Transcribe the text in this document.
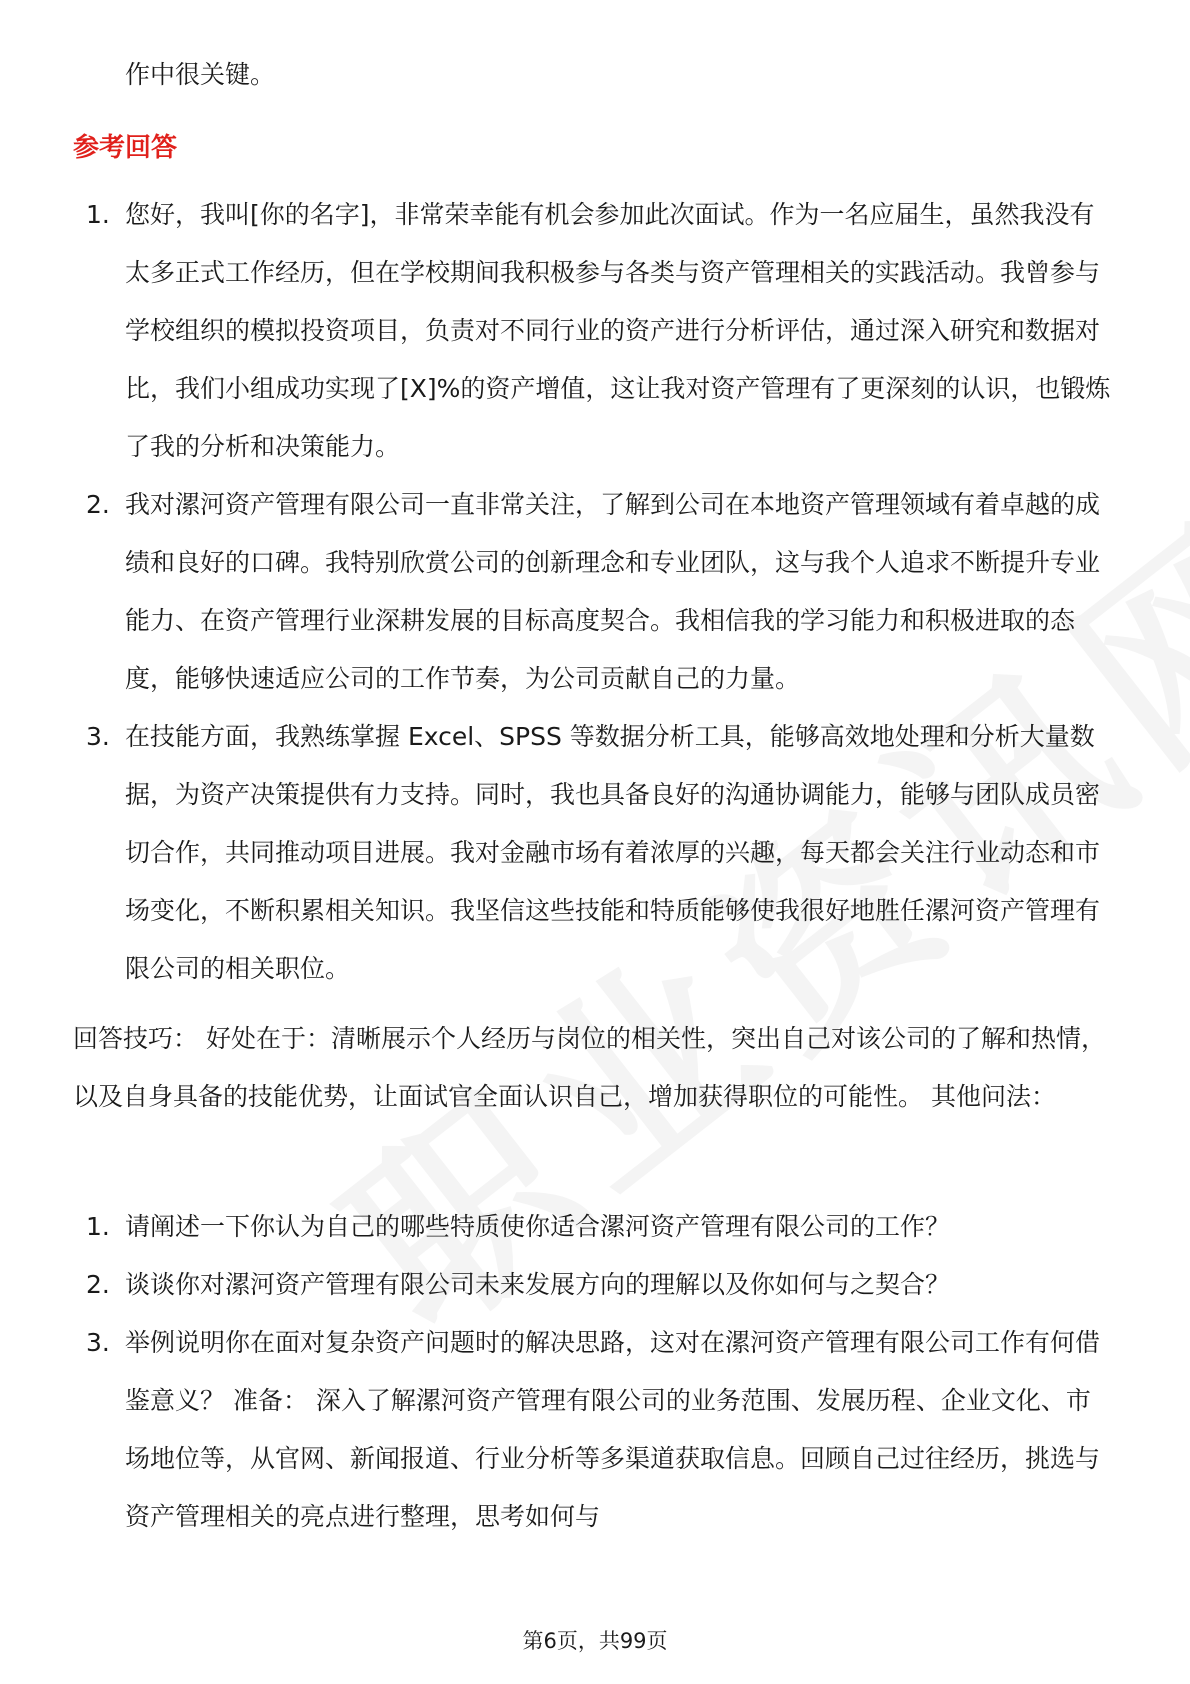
作中很关键。

参考回答
1. 您好，我叫[你的名字]，非常荣幸能有机会参加此次面试。作为一名应届生，虽然我没有太多正式工作经历，但在学校期间我积极参与各类与资产管理相关的实践活动。我曾参与学校组织的模拟投资项目，负责对不同行业的资产进行分析评估，通过深入研究和数据对比，我们小组成功实现了[X]%的资产增值，这让我对资产管理有了更深刻的认识，也锻炼了我的分析和决策能力。
2. 我对漯河资产管理有限公司一直非常关注，了解到公司在本地资产管理领域有着卓越的成绩和良好的口碑。我特别欣赏公司的创新理念和专业团队，这与我个人追求不断提升专业能力、在资产管理行业深耕发展的目标高度契合。我相信我的学习能力和积极进取的态度，能够快速适应公司的工作节奏，为公司贡献自己的力量。
3. 在技能方面，我熟练掌握 Excel、SPSS 等数据分析工具，能够高效地处理和分析大量数据，为资产决策提供有力支持。同时，我也具备良好的沟通协调能力，能够与团队成员密切合作，共同推动项目进展。我对金融市场有着浓厚的兴趣，每天都会关注行业动态和市场变化，不断积累相关知识。我坚信这些技能和特质能够使我很好地胜任漯河资产管理有限公司的相关职位。

回答技巧： 好处在于：清晰展示个人经历与岗位的相关性，突出自己对该公司的了解和热情，以及自身具备的技能优势，让面试官全面认识自己，增加获得职位的可能性。 其他问法：

1. 请阐述一下你认为自己的哪些特质使你适合漯河资产管理有限公司的工作？
2. 谈谈你对漯河资产管理有限公司未来发展方向的理解以及你如何与之契合？
3. 举例说明你在面对复杂资产问题时的解决思路，这对在漯河资产管理有限公司工作有何借鉴意义？ 准备： 深入了解漯河资产管理有限公司的业务范围、发展历程、企业文化、市场地位等，从官网、新闻报道、行业分析等多渠道获取信息。回顾自己过往经历，挑选与资产管理相关的亮点进行整理，思考如何与
第6页，共99页
